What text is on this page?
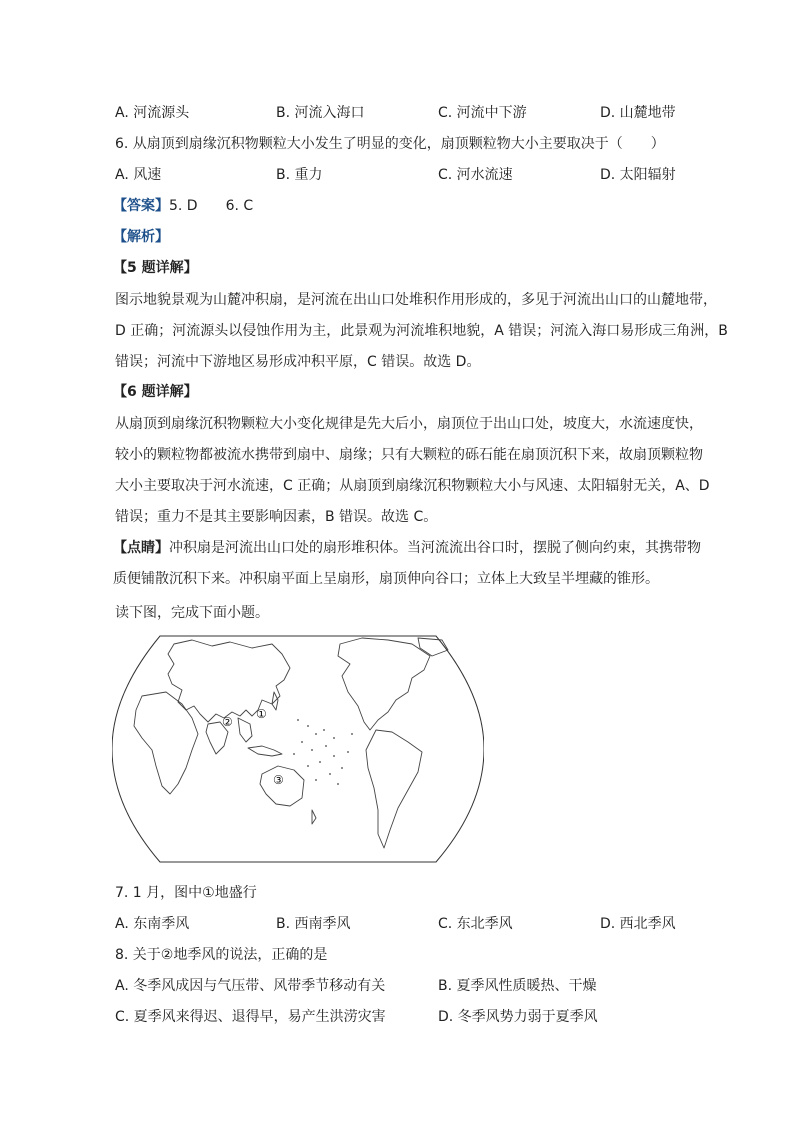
A. 河流源头	B. 河流入海口	C. 河流中下游	D. 山麓地带
6. 从扇顶到扇缘沉积物颗粒大小发生了明显的变化，扇顶颗粒物大小主要取决于（　　）
A. 风速	B. 重力	C. 河水流速	D. 太阳辐射
【答案】5. D　　6. C
【解析】
【5 题详解】
图示地貌景观为山麓冲积扇，是河流在出山口处堆积作用形成的，多见于河流出山口的山麓地带，
D 正确；河流源头以侵蚀作用为主，此景观为河流堆积地貌，A 错误；河流入海口易形成三角洲，B
错误；河流中下游地区易形成冲积平原，C 错误。故选 D。
【6 题详解】
从扇顶到扇缘沉积物颗粒大小变化规律是先大后小，扇顶位于出山口处，坡度大，水流速度快，
较小的颗粒物都被流水携带到扇中、扇缘；只有大颗粒的砾石能在扇顶沉积下来，故扇顶颗粒物
大小主要取决于河水流速，C 正确；从扇顶到扇缘沉积物颗粒大小与风速、太阳辐射无关，A、D
错误；重力不是其主要影响因素，B 错误。故选 C。
【点睛】冲积扇是河流出山口处的扇形堆积体。当河流流出谷口时，摆脱了侧向约束，其携带物
质便铺散沉积下来。冲积扇平面上呈扇形，扇顶伸向谷口；立体上大致呈半埋藏的锥形。
读下图，完成下面小题。
①
②
③
7. 1 月，图中①地盛行
A. 东南季风	B. 西南季风	C. 东北季风	D. 西北季风
8. 关于②地季风的说法，正确的是
A. 冬季风成因与气压带、风带季节移动有关	B. 夏季风性质暖热、干燥
C. 夏季风来得迟、退得早，易产生洪涝灾害	D. 冬季风势力弱于夏季风
